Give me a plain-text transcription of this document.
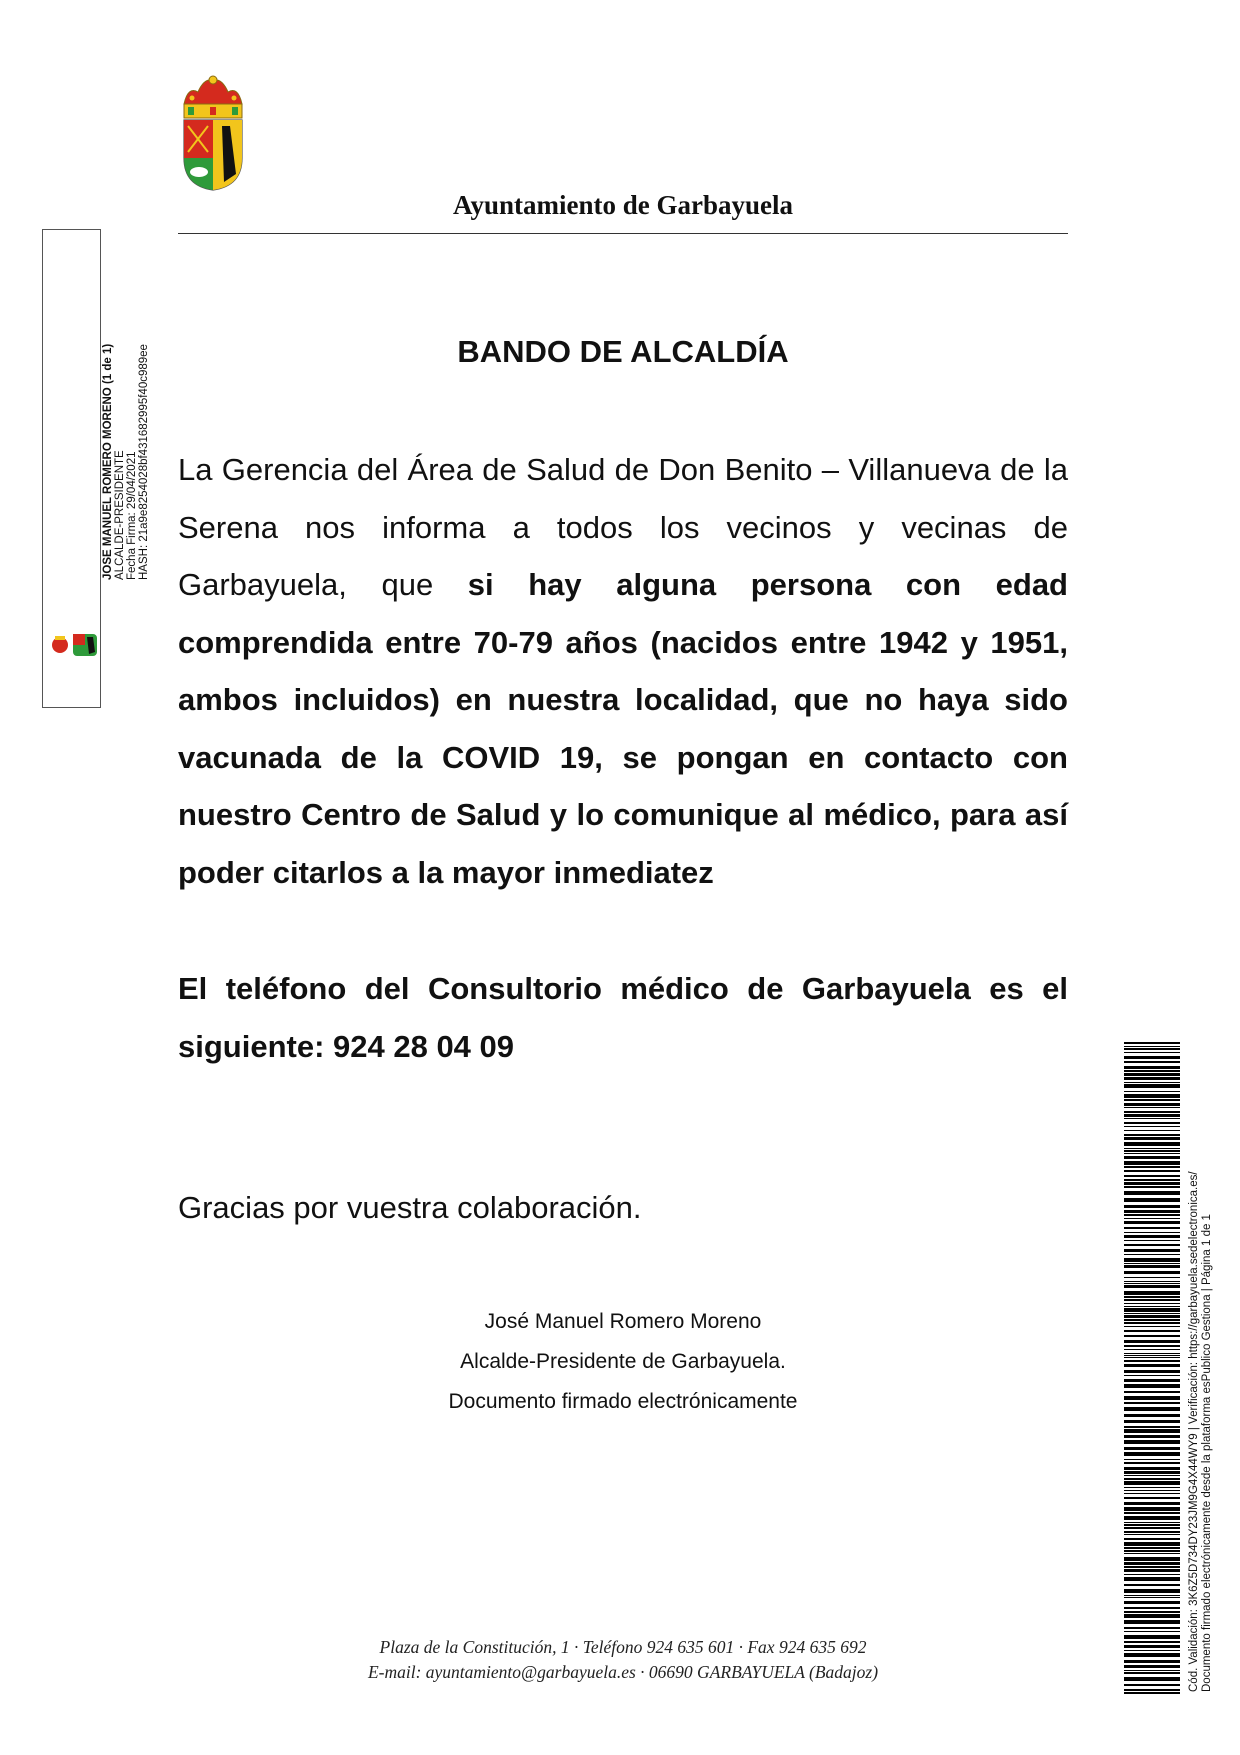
Ayuntamiento de Garbayuela
BANDO DE ALCALDÍA
La Gerencia del Área de Salud de Don Benito – Villanueva de la Serena nos informa a todos los vecinos y vecinas de Garbayuela, que si hay alguna persona con edad comprendida entre 70-79 años (nacidos entre 1942 y 1951, ambos incluidos) en nuestra localidad, que no haya sido vacunada de la COVID 19, se pongan en contacto con nuestro Centro de Salud y lo comunique al médico, para así poder citarlos a la mayor inmediatez
El teléfono del Consultorio médico de Garbayuela es el siguiente: 924 28 04 09
Gracias por vuestra colaboración.
José Manuel Romero Moreno
Alcalde-Presidente de Garbayuela.
Documento firmado electrónicamente
Plaza de la Constitución, 1 · Teléfono 924 635 601 · Fax 924 635 692
E-mail: ayuntamiento@garbayuela.es · 06690 GARBAYUELA (Badajoz)
JOSE MANUEL ROMERO MORENO (1 de 1) ALCALDE-PRESIDENTE Fecha Firma: 29/04/2021 HASH: 21a9e8254028bf431682995f40c989ee
Cód. Validación: 3K6Z5D734DY23JM9G4X44WY9 | Verificación: https://garbayuela.sedelectronica.es/ Documento firmado electrónicamente desde la plataforma esPublico Gestiona | Página 1 de 1
